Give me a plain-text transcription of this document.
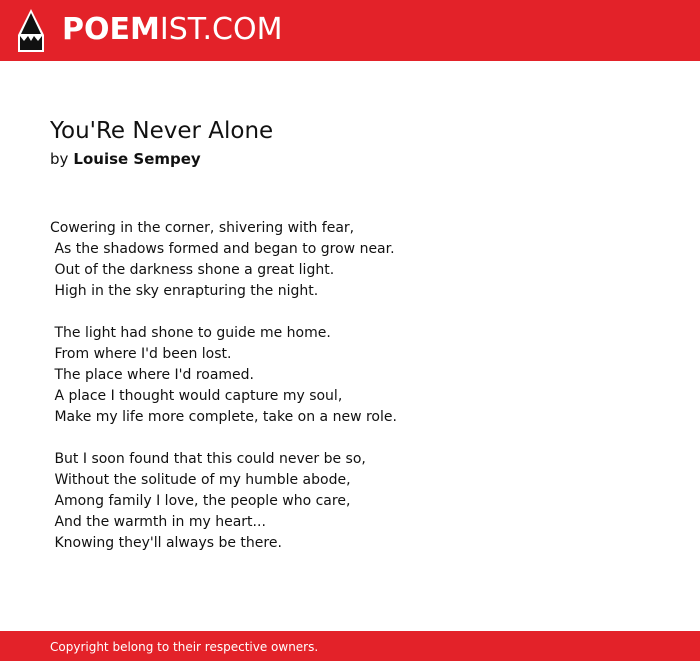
POEMIST.COM
You'Re Never Alone
by Louise Sempey
Cowering in the corner, shivering with fear,
As the shadows formed and began to grow near.
Out of the darkness shone a great light.
High in the sky enrapturing the night.
The light had shone to guide me home.
From where I'd been lost.
The place where I'd roamed.
A place I thought would capture my soul,
Make my life more complete, take on a new role.
But I soon found that this could never be so,
Without the solitude of my humble abode,
Among family I love, the people who care,
And the warmth in my heart...
Knowing they'll always be there.
Copyright belong to their respective owners.
